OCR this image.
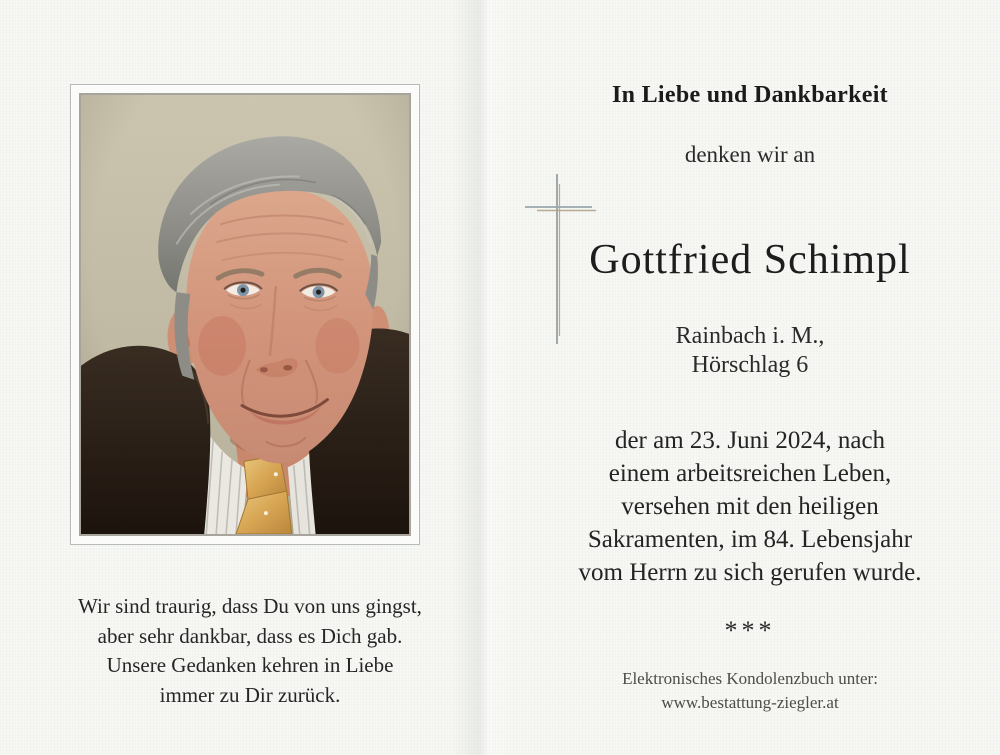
Wir sind traurig, dass Du von uns gingst,
aber sehr dankbar, dass es Dich gab.
Unsere Gedanken kehren in Liebe
immer zu Dir zurück.
In Liebe und Dankbarkeit
denken wir an
Gottfried Schimpl
Rainbach i. M.,
Hörschlag 6
der am 23. Juni 2024, nach
einem arbeitsreichen Leben,
versehen mit den heiligen
Sakramenten, im 84. Lebensjahr
vom Herrn zu sich gerufen wurde.
***
Elektronisches Kondolenzbuch unter:
www.bestattung-ziegler.at
